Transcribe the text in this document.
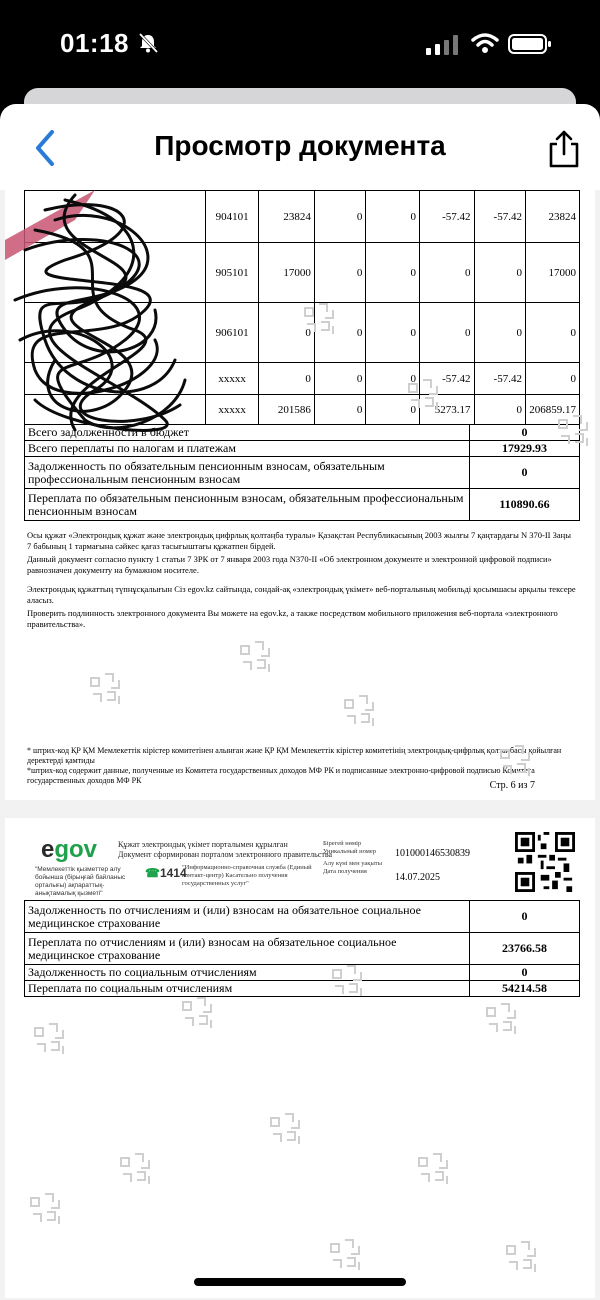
01:18
Просмотр документа
	904101	23824	0	0	-57.42	-57.42	23824
	905101	17000	0	0	0	0	17000
	906101	0	0	0	0	0	0
	xxxxx	0	0	0	-57.42	-57.42	0
	xxxxx	201586	0	0	5273.17	0	206859.17
Всего задолженности в бюджет	0
Всего переплаты по налогам и платежам	17929.93
Задолженность по обязательным пенсионным взносам, обязательным профессиональным пенсионным взносам	0
Переплата по обязательным пенсионным взносам, обязательным профессиональным пенсионным взносам	110890.66
Осы құжат «Электрондық құжат және электрондық цифрлық қолтаңба туралы» Қазақстан Республикасының 2003 жылғы 7 қаңтардағы N 370-II Заңы 7 бабының 1 тармағына сәйкес қағаз тасығыштағы құжатпен бірдей.
Данный документ согласно пункту 1 статьи 7 ЗРК от 7 января 2003 года N370-II «Об электронном документе и электронной цифровой подписи» равнозначен документу на бумажном носителе.
Электрондық құжаттың түпнұсқалығын Сіз egov.kz сайтында, сондай-ақ «электрондық үкімет» веб-порталының мобильді қосымшасы арқылы тексере аласыз.
Проверить подлинность электронного документа Вы можете на egov.kz, а также посредством мобильного приложения веб-портала «электронного правительства».
* штрих-код ҚР ҚМ Мемлекеттік кірістер комитетінен алынған және ҚР ҚМ Мемлекеттік кірістер комитетінің электрондық-цифрлық қолтаңбасы қойылған деректерді қамтиды
*штрих-код содержит данные, полученные из Комитета государственных доходов МФ РК и подписанные электронно-цифровой подписью Комитета государственных доходов МФ РК	Стр. 6 из 7
egov	Құжат электрондық үкімет порталымен құрылған
Документ сформирован порталом электронного правительства
"Мемлекеттік қызметтер алу бойынша (бірыңғай байланыс орталығы) ақпараттық-анықтамалық қызметі"
☎1414
"Информационно-справочная служба (Единый контакт-центр) Касательно получения государственных услуг"
Бірегей нөмір
Уникальный номер
Алу күні мен уақыты
Дата получения
101000146530839
14.07.2025
Задолженность по отчислениям и (или) взносам на обязательное социальное медицинское страхование	0
Переплата по отчислениям и (или) взносам на обязательное социальное медицинское страхование	23766.58
Задолженность по социальным отчислениям	0
Переплата по социальным отчислениям	54214.58
